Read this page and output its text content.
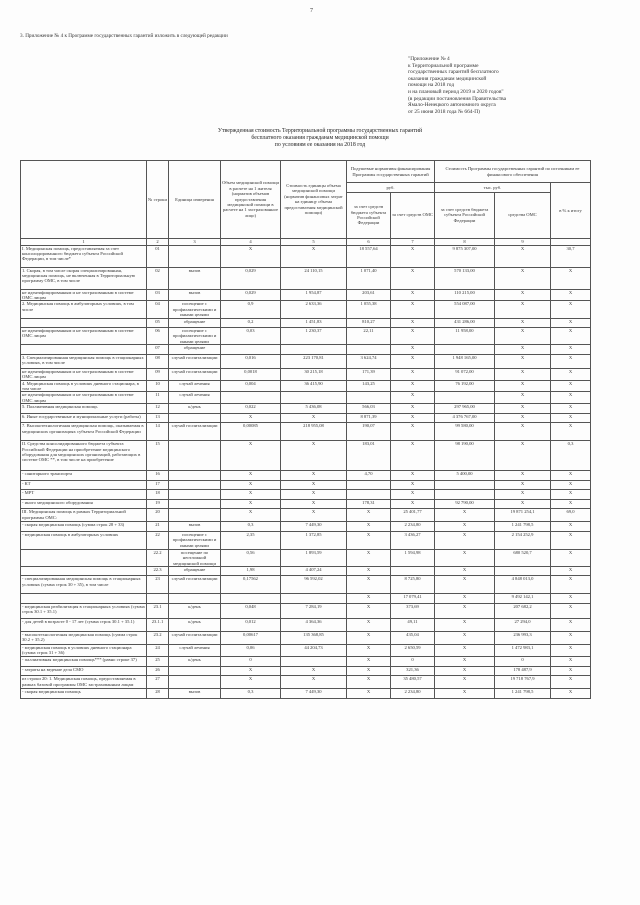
7
3. Приложение № 4 к Программе государственных гарантий изложить в следующей редакции
"Приложение № 4
к Территориальной программе
государственных гарантий бесплатного
оказания гражданам медицинской
помощи на 2018 год
и на плановый период 2019 и 2020 годов"
(в редакции постановления Правительства
Ямало-Ненецкого автономного округа
от 25 июня 2018 года № 664-П)
Утвержденная стоимость Территориальной программы государственных гарантий
бесплатного оказания гражданам медицинской помощи
по условиям ее оказания на 2018 год
	№ строки	Единица измерения	Объем медицинской помощи в расчете на 1 жителя (норматив объемов предоставления медицинской помощи в расчете на 1 застрахованное лицо)	Стоимость единицы объема медицинской помощи (норматив финансовых затрат на единицу объема предоставления медицинской помощи)	Подушевые нормативы финансирования Программы государственных гарантий		Стоимость Программы государственных гарантий по источникам ее финансового обеспечения		
					руб.		тыс. руб.		в % к итогу
					за счет средств бюджета субъекта Российской Федерации	за счет средств ОМС	за счет средств бюджета субъекта Российской Федерации	средства ОМС	
1	2	3	4	5	6	7	8	9	
I. Медицинская помощь, предоставляемая за счет консолидированного бюджета субъекта Российской Федерации, в том числе*	01		X	X	18 557,64	X	9 875 307,00	X	30,7
1. Скорая, в том числе скорая специализированная, медицинская помощь, не включенная в Территориальную программу ОМС, в том числе	02	вызов	0,029	24 110,15	1 071,40	X	570 133,00	X	X
не идентифицированным и не застрахованным в системе ОМС лицам	03	вызов	0,029	1 954,87	203,61	X	110 215,00	X	X
2. Медицинская помощь в амбулаторных условиях, в том числе	04	посещение с профилактическими и иными целями	0,9	2 633,36	1 055,38	X	554 087,00	X	X
	05	обращение	0,2	1 451,83	810,27	X	431 286,00	X	X
не идентифицированным и не застрахованным в системе ОМС лицам	06	посещение с профилактическими и иными целями	0,03	1 230,37	22,11	X	11 958,00	X	X
	07	обращение				X		X	X
3. Специализированная медицинская помощь в стационарных условиях, в том числе	08	случай госпитализации	0,016	223 170,81	3 624,74	X	1 948 165,00	X	X
не идентифицированным и не застрахованным в системе ОМС лицам	09	случай госпитализации	0,0018	30 215,18	171,39	X	91 072,00	X	X
4. Медицинская помощь в условиях дневного стационара, в том числе	10	случай лечения	0,004	36 415,90	143,25	X	76 192,00	X	X
не идентифицированным и не застрахованным в системе ОМС лицам	11	случай лечения				X		X	X
5. Паллиативная медицинская помощь	12	к/день	0,022	5 436,08	566,03	X	297 965,00	X	X
6. Иные государственные и муниципальные услуги (работы)	13		X	X	8 871,39	X	4 376 767,00	X	X
7. Высокотехнологичная медицинская помощь, оказываемая в медицинских организациях субъекта Российской Федерации	14	случай госпитализации	0,00085	218 955,08	190,07	X	99 580,00	X	X
II. Средства консолидированного бюджета субъекта Российской Федерации на приобретение медицинского оборудования для медицинских организаций, работающих в системе ОМС **, в том числе на приобретение	15		X	X	183,01	X	98 190,00	X	0,3
- санитарного транспорта	16		X	X	4,70	X	5 400,00	X	X
- КТ	17		X	X		X		X	X
- МРТ	18		X	X		X		X	X
- иного медицинского оборудования	19		X	X	178,31	X	92 790,00	X	X
III. Медицинская помощь в рамках Территориальной программы ОМС:	20		X	X	X	25 401,77	X	19 871 254,1	69,0
- скорая медицинская помощь (сумма строк 28 + 33)	21	вызов	0,3	7 449,30	X	2 234,80	X	1 241 798,5	X
- медицинская помощь в амбулаторных условиях	22	посещение с профилактическими и иными целями	2,35	1 372,85	X	3 436,27	X	2 154 252,9	X
	22.2	посещение по неотложной медицинской помощи	0,56	1 893,59	X	1 594,98	X	680 520,7	X
	22.3	обращение	1,98	4 407,24	X		X		X
- специализированная медицинская помощь в стационарных условиях (сумма строк 30 + 35), в том числе	23	случай госпитализации	0,17562	96 592,02	X	8 725,80	X	4 848 013,0	X
					X	17 079,41	X	9 492 142,1	X
- медицинская реабилитация в стационарных условиях (сумма строк 30.1 + 35.1)	23.1	к/день	0,048	7 284,19	X	373,69	X	207 682,2	X
- для детей в возрасте 0 - 17 лет (сумма строк 30.1 + 35.1)	23.1.1	к/день	0,012	4 364,36	X	49,11	X	27 294,0	X
- высокотехнологичная медицинская помощь (сумма строк 30.2 + 35.2)	23.2	случай госпитализации	0,00617	135 368,85	X	435,04	X	236 993,3	X
- медицинская помощь в условиях дневного стационара (сумма строк 31 + 36)	24	случай лечения	0,06	44 204,73	X	2 650,59	X	1 472 983,1	X
- паллиативная медицинская помощь*** (равно строке 37)	25	к/день	0		X	0	X	0	X
- затраты на ведение дела СМО	26		X	X	X	321,36	X	178 487,9	X
из строки 20: 1. Медицинская помощь, предоставляемая в рамках базовой программы ОМС застрахованным лицам	27		X	X	X	35 480,57	X	19 718 767,9	X
- скорая медицинская помощь	28	вызов	0,3	7 449,30	X	2 234,80	X	1 241 798,5	X
